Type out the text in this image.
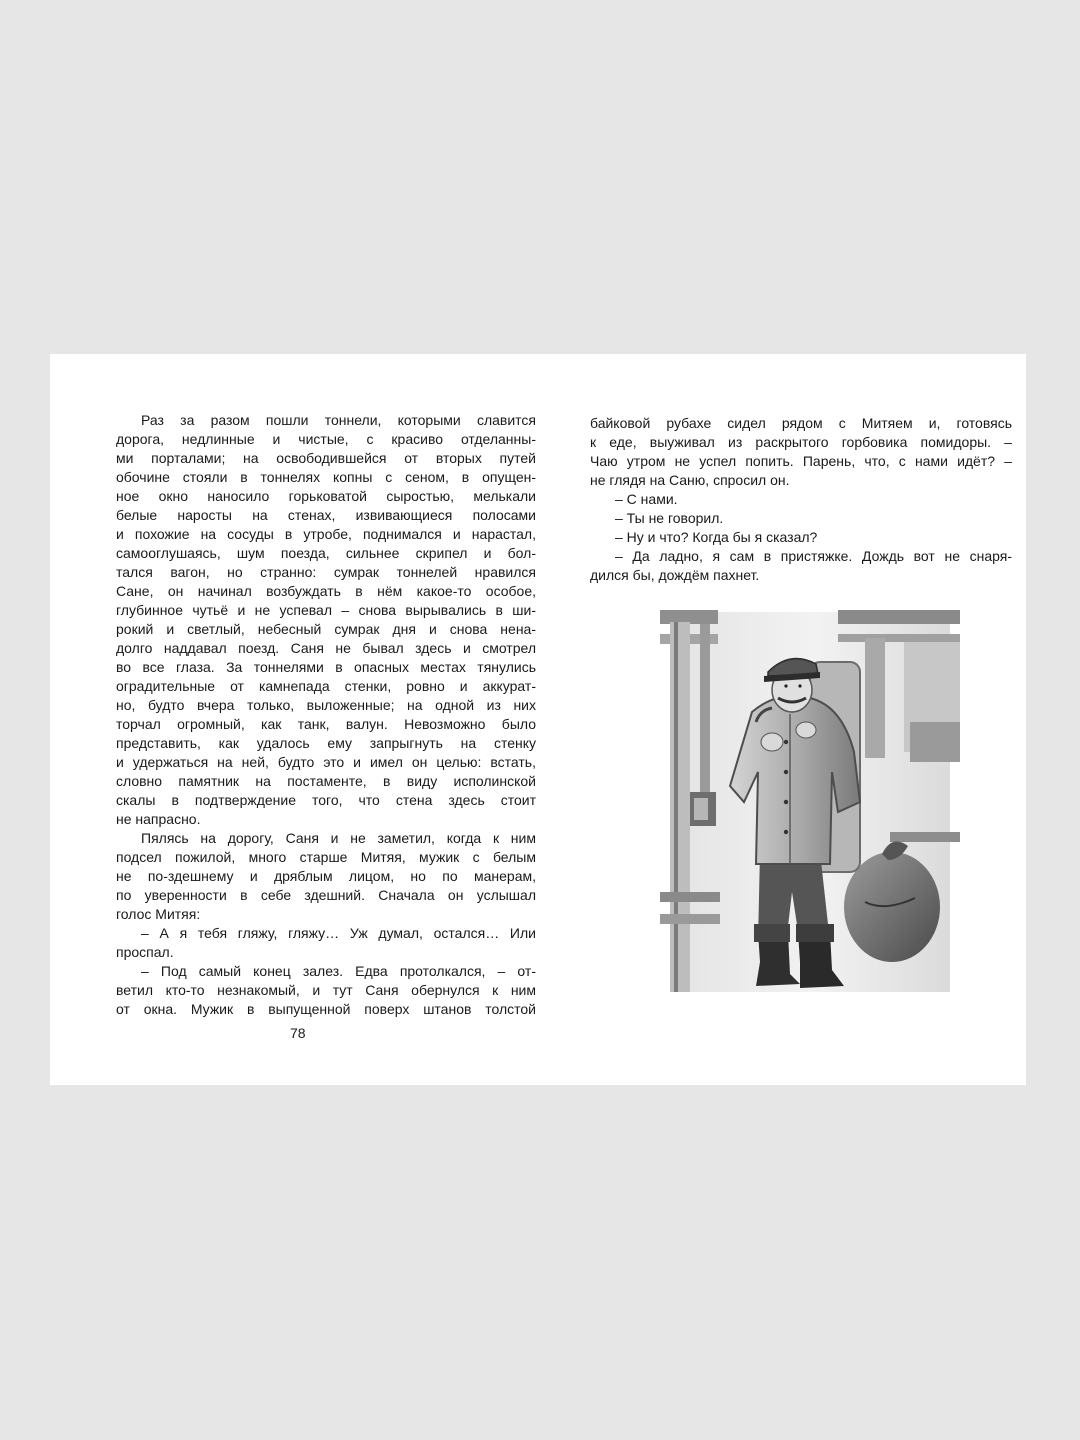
Раз за разом пошли тоннели, которыми славится
дорога, недлинные и чистые, с красиво отделанны-
ми порталами; на освободившейся от вторых путей
обочине стояли в тоннелях копны с сеном, в опущен-
ное окно наносило горьковатой сыростью, мелькали
белые наросты на стенах, извивающиеся полосами
и похожие на сосуды в утробе, поднимался и нарастал,
самооглушаясь, шум поезда, сильнее скрипел и бол-
тался вагон, но странно: сумрак тоннелей нравился
Сане, он начинал возбуждать в нём какое-то особое,
глубинное чутьё и не успевал – снова вырывались в ши-
рокий и светлый, небесный сумрак дня и снова нена-
долго наддавал поезд. Саня не бывал здесь и смотрел
во все глаза. За тоннелями в опасных местах тянулись
оградительные от камнепада стенки, ровно и аккурат-
но, будто вчера только, выложенные; на одной из них
торчал огромный, как танк, валун. Невозможно было
представить, как удалось ему запрыгнуть на стенку
и удержаться на ней, будто это и имел он целью: встать,
словно памятник на постаменте, в виду исполинской
скалы в подтверждение того, что стена здесь стоит
не напрасно.
Пялясь на дорогу, Саня и не заметил, когда к ним
подсел пожилой, много старше Митяя, мужик с белым
не по-здешнему и дряблым лицом, но по манерам,
по уверенности в себе здешний. Сначала он услышал
голос Митяя:
– А я тебя гляжу, гляжу… Уж думал, остался… Или
проспал.
– Под самый конец залез. Едва протолкался, – от-
ветил кто-то незнакомый, и тут Саня обернулся к ним
от окна. Мужик в выпущенной поверх штанов толстой
78
байковой рубахе сидел рядом с Митяем и, готовясь
к еде, выуживал из раскрытого горбовика помидоры. –
Чаю утром не успел попить. Парень, что, с нами идёт? –
не глядя на Саню, спросил он.
– С нами.
– Ты не говорил.
– Ну и что? Когда бы я сказал?
– Да ладно, я сам в пристяжке. Дождь вот не снаря-
дился бы, дождём пахнет.
